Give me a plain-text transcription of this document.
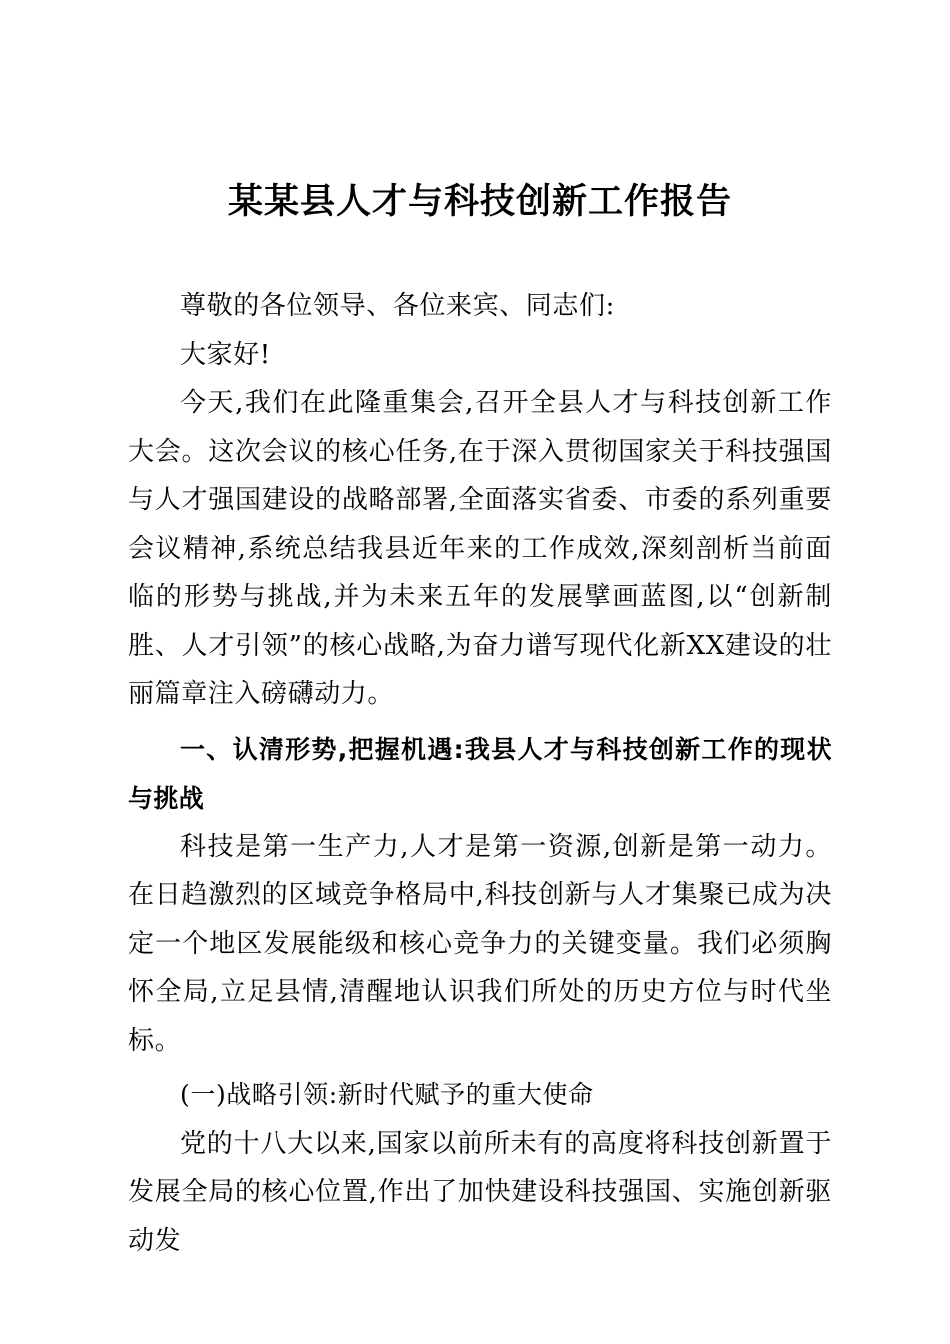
某某县人才与科技创新工作报告

尊敬的各位领导、各位来宾、同志们:

大家好!

今天,我们在此隆重集会,召开全县人才与科技创新工作大会。这次会议的核心任务,在于深入贯彻国家关于科技强国与人才强国建设的战略部署,全面落实省委、市委的系列重要会议精神,系统总结我县近年来的工作成效,深刻剖析当前面临的形势与挑战,并为未来五年的发展擘画蓝图,以“创新制胜、人才引领”的核心战略,为奋力谱写现代化新XX建设的壮丽篇章注入磅礴动力。

一、认清形势,把握机遇:我县人才与科技创新工作的现状与挑战

科技是第一生产力,人才是第一资源,创新是第一动力。在日趋激烈的区域竞争格局中,科技创新与人才集聚已成为决定一个地区发展能级和核心竞争力的关键变量。我们必须胸怀全局,立足县情,清醒地认识我们所处的历史方位与时代坐标。

(一)战略引领:新时代赋予的重大使命

党的十八大以来,国家以前所未有的高度将科技创新置于发展全局的核心位置,作出了加快建设科技强国、实施创新驱动发
